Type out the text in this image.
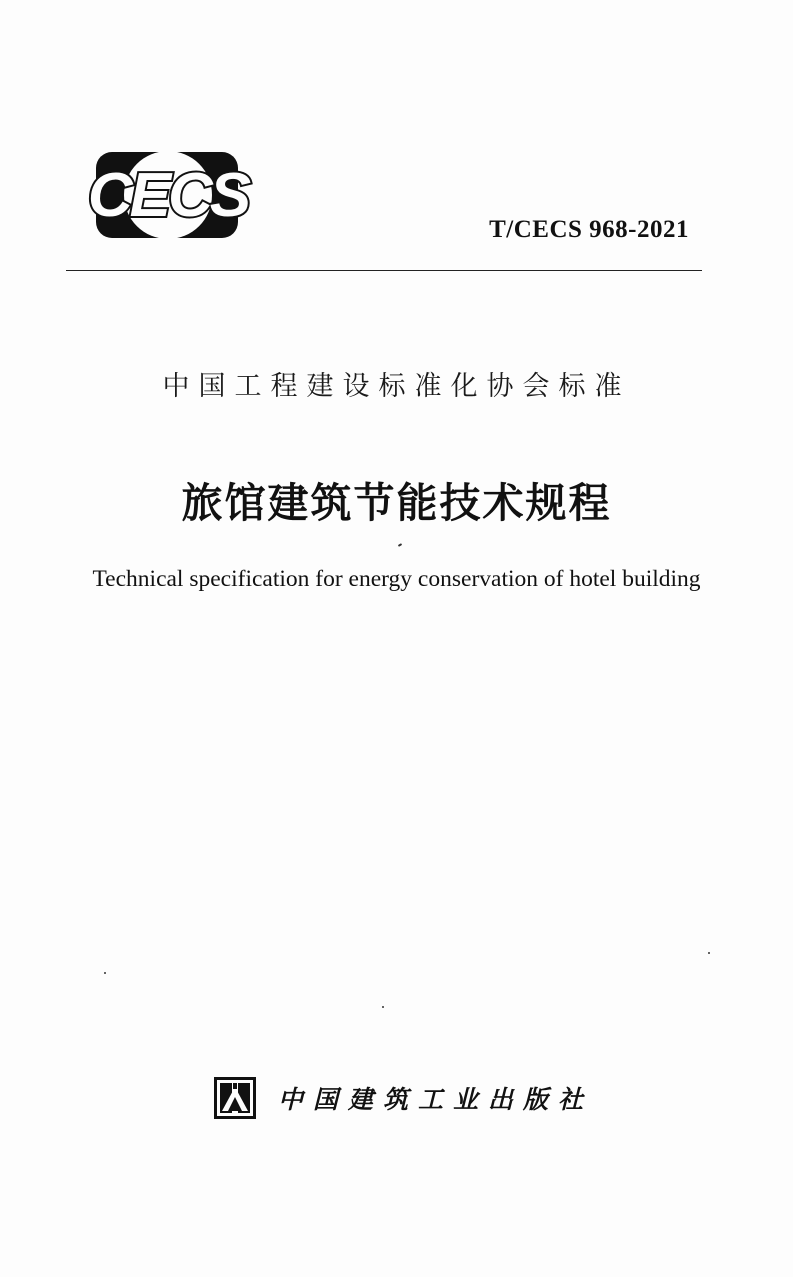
CECS	T/CECS 968-2021
中国工程建设标准化协会标准
旅馆建筑节能技术规程
Technical specification for energy conservation of hotel building
中国建筑工业出版社
